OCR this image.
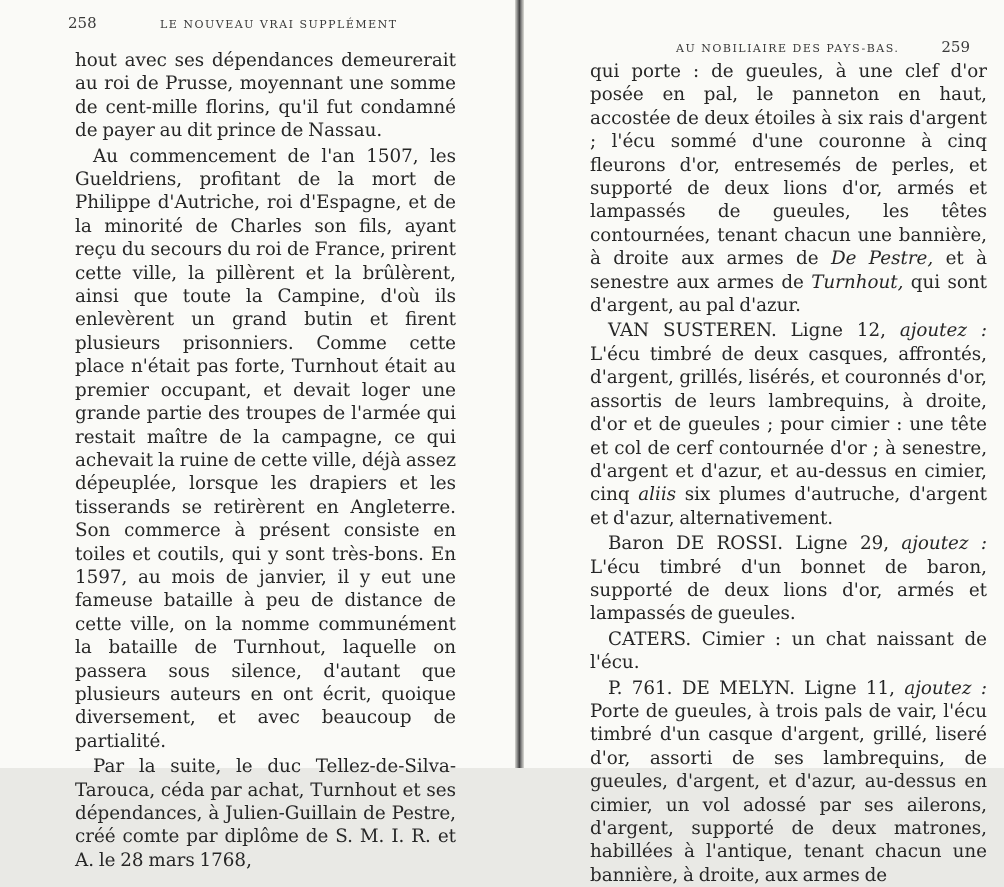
258	LE NOUVEAU VRAI SUPPLÉMENT

hout avec ses dépendances demeurerait au roi de Prusse, moyennant une somme de cent-mille florins, qu'il fut condamné de payer au dit prince de Nassau.

Au commencement de l'an 1507, les Gueldriens, profitant de la mort de Philippe d'Autriche, roi d'Espagne, et de la minorité de Charles son fils, ayant reçu du secours du roi de France, prirent cette ville, la pillèrent et la brûlèrent, ainsi que toute la Campine, d'où ils enlevèrent un grand butin et firent plusieurs prisonniers. Comme cette place n'était pas forte, Turnhout était au premier occupant, et devait loger une grande partie des troupes de l'armée qui restait maître de la campagne, ce qui achevait la ruine de cette ville, déjà assez dépeuplée, lorsque les drapiers et les tisserands se retirèrent en Angleterre. Son commerce à présent consiste en toiles et coutils, qui y sont très-bons. En 1597, au mois de janvier, il y eut une fameuse bataille à peu de distance de cette ville, on la nomme communément la bataille de Turnhout, laquelle on passera sous silence, d'autant que plusieurs auteurs en ont écrit, quoique diversement, et avec beaucoup de partialité.

Par la suite, le duc Tellez-de-Silva-Tarouca, céda par achat, Turnhout et ses dépendances, à Julien-Guillain de Pestre, créé comte par diplôme de S. M. I. R. et A. le 28 mars 1768,

AU NOBILIAIRE DES PAYS-BAS.	259

qui porte : de gueules, à une clef d'or posée en pal, le panneton en haut, accostée de deux étoiles à six rais d'argent ; l'écu sommé d'une couronne à cinq fleurons d'or, entresemés de perles, et supporté de deux lions d'or, armés et lampassés de gueules, les têtes contournées, tenant chacun une bannière, à droite aux armes de De Pestre, et à senestre aux armes de Turnhout, qui sont d'argent, au pal d'azur.

VAN SUSTEREN. Ligne 12, ajoutez : L'écu timbré de deux casques, affrontés, d'argent, grillés, lisérés, et couronnés d'or, assortis de leurs lambrequins, à droite, d'or et de gueules ; pour cimier : une tête et col de cerf contournée d'or ; à senestre, d'argent et d'azur, et au-dessus en cimier, cinq aliis six plumes d'autruche, d'argent et d'azur, alternativement.

Baron DE ROSSI. Ligne 29, ajoutez : L'écu timbré d'un bonnet de baron, supporté de deux lions d'or, armés et lampassés de gueules.

CATERS. Cimier : un chat naissant de l'écu.

P. 761. DE MELYN. Ligne 11, ajoutez : Porte de gueules, à trois pals de vair, l'écu timbré d'un casque d'argent, grillé, liseré d'or, assorti de ses lambrequins, de gueules, d'argent, et d'azur, au-dessus en cimier, un vol adossé par ses ailerons, d'argent, supporté de deux matrones, habillées à l'antique, tenant chacun une bannière, à droite, aux armes de
